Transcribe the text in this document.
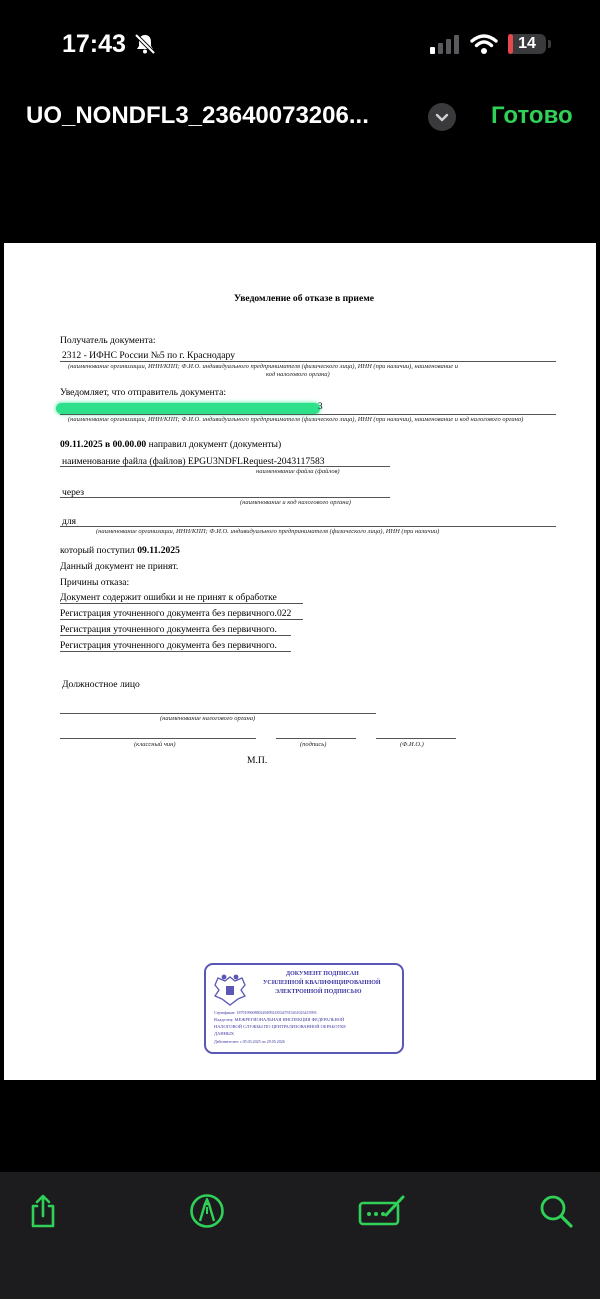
17:43	14
UO_NONDFL3_23640073206...	Готово
Уведомление об отказе в приеме
Получатель документа:
2312 - ИФНС России №5 по г. Краснодару
(наименование организации, ИНН/КПП; Ф.И.О. индивидуального предпринимателя (физического лица), ИНН (при наличии), наименование и
код налогового органа)
Уведомляет, что отправитель документа:
3
(наименование организации, ИНН/КПП; Ф.И.О. индивидуального предпринимателя (физического лица), ИНН (при наличии), наименование и код налогового органа)
09.11.2025 в 00.00.00 направил документ (документы)
наименование файла (файлов) EPGU3NDFLRequest-2043117583
наименование файла (файлов)
через
(наименование и код налогового органа)
для
(наименование организации, ИНН/КПП; Ф.И.О. индивидуального предпринимателя (физического лица), ИНН (при наличии)
который поступил 09.11.2025
Данный документ не принят.
Причины отказа:
Документ содержит ошибки и не принят к обработке
Регистрация уточненного документа без первичного.022
Регистрация уточненного документа без первичного.
Регистрация уточненного документа без первичного.
Должностное лицо
(наименование налогового органа)
(классный чин)	(подпись)	(Ф.И.О.)
М.П.
ДОКУМЕНТ ПОДПИСАН
УСИЛЕННОЙ КВАЛИФИЦИРОВАННОЙ
ЭЛЕКТРОННОЙ ПОДПИСЬЮ
Сертификат: 1879199608802494992183347915261023415993
Владелец: МЕЖРЕГИОНАЛЬНАЯ ИНСПЕКЦИЯ ФЕДЕРАЛЬНОЙ
НАЛОГОВОЙ СЛУЖБЫ ПО ЦЕНТРАЛИЗОВАННОЙ ОБРАБОТКЕ
ДАННЫХ
Действителен: с 05.03.2025 по 29.05.2026
